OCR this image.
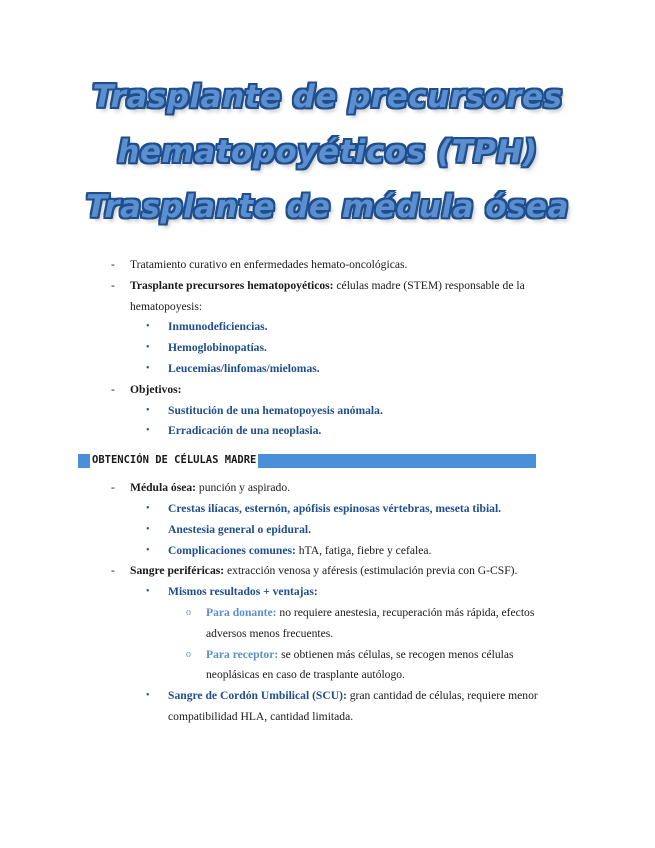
Trasplante de precursores
hematopoyéticos (TPH)
Trasplante de médula ósea
- Tratamiento curativo en enfermedades hemato-oncológicas.
- Trasplante precursores hematopoyéticos: células madre (STEM) responsable de la
hematopoyesis:
• Inmunodeficiencias.
• Hemoglobinopatías.
• Leucemias/linfomas/mielomas.
- Objetivos:
• Sustitución de una hematopoyesis anómala.
• Erradicación de una neoplasia.
OBTENCIÓN DE CÉLULAS MADRE
- Médula ósea: punción y aspirado.
• Crestas ilíacas, esternón, apófisis espinosas vértebras, meseta tibial.
• Anestesia general o epidural.
• Complicaciones comunes: hTA, fatiga, fiebre y cefalea.
- Sangre periféricas: extracción venosa y aféresis (estimulación previa con G-CSF).
• Mismos resultados + ventajas:
o Para donante: no requiere anestesia, recuperación más rápida, efectos
adversos menos frecuentes.
o Para receptor: se obtienen más células, se recogen menos células
neoplásicas en caso de trasplante autólogo.
• Sangre de Cordón Umbilical (SCU): gran cantidad de células, requiere menor
compatibilidad HLA, cantidad limitada.
